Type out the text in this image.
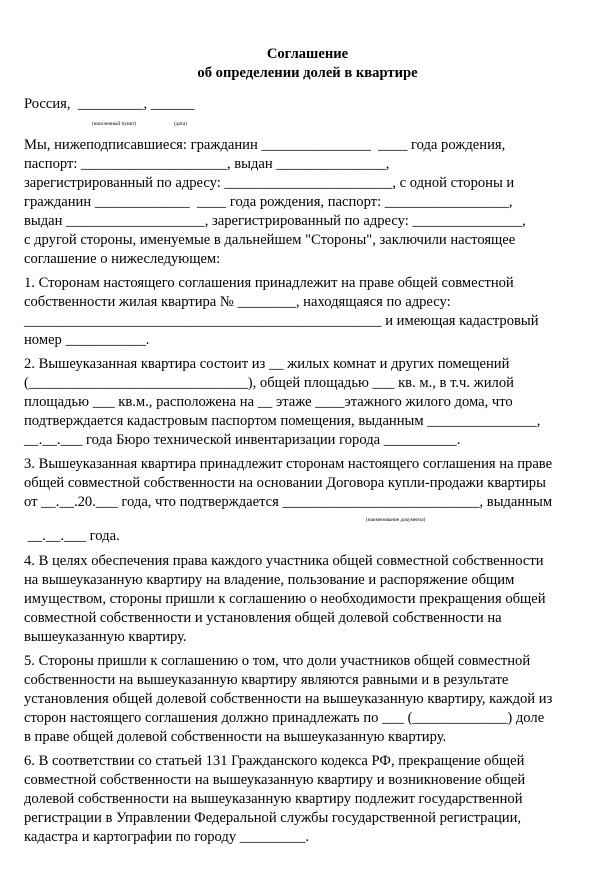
Соглашение
об определении долей в квартире
Россия,  _________, ______
(населенный пункт)	(дата)
Мы, нижеподписавшиеся: гражданин _______________  ____ года рождения,
паспорт: ____________________, выдан _______________,
зарегистрированный по адресу: _______________________, с одной стороны и
гражданин _____________  ____ года рождения, паспорт: _________________,
выдан ___________________, зарегистрированный по адресу: _______________,
с другой стороны, именуемые в дальнейшем "Стороны", заключили настоящее
соглашение о нижеследующем:
1. Сторонам настоящего соглашения принадлежит на праве общей совместной
собственности жилая квартира № ________, находящаяся по адресу:
_________________________________________________ и имеющая кадастровый
номер ___________.
2. Вышеуказанная квартира состоит из __ жилых комнат и других помещений
(______________________________), общей площадью ___ кв. м., в т.ч. жилой
площадью ___ кв.м., расположена на __ этаже ____этажного жилого дома, что
подтверждается кадастровым паспортом помещения, выданным _______________,
__.__.___ года Бюро технической инвентаризации города __________.
3. Вышеуказанная квартира принадлежит сторонам настоящего соглашения на праве
общей совместной собственности на основании Договора купли-продажи квартиры
от __.__.20.___ года, что подтверждается ___________________________, выданным
(наименование документа)
__.__.___ года.
4. В целях обеспечения права каждого участника общей совместной собственности
на вышеуказанную квартиру на владение, пользование и распоряжение общим
имуществом, стороны пришли к соглашению о необходимости прекращения общей
совместной собственности и установления общей долевой собственности на
вышеуказанную квартиру.
5. Стороны пришли к соглашению о том, что доли участников общей совместной
собственности на вышеуказанную квартиру являются равными и в результате
установления общей долевой собственности на вышеуказанную квартиру, каждой из
сторон настоящего соглашения должно принадлежать по ___ (_____________) доле
в праве общей долевой собственности на вышеуказанную квартиру.
6. В соответствии со статьей 131 Гражданского кодекса РФ, прекращение общей
совместной собственности на вышеуказанную квартиру и возникновение общей
долевой собственности на вышеуказанную квартиру подлежит государственной
регистрации в Управлении Федеральной службы государственной регистрации,
кадастра и картографии по городу _________.
